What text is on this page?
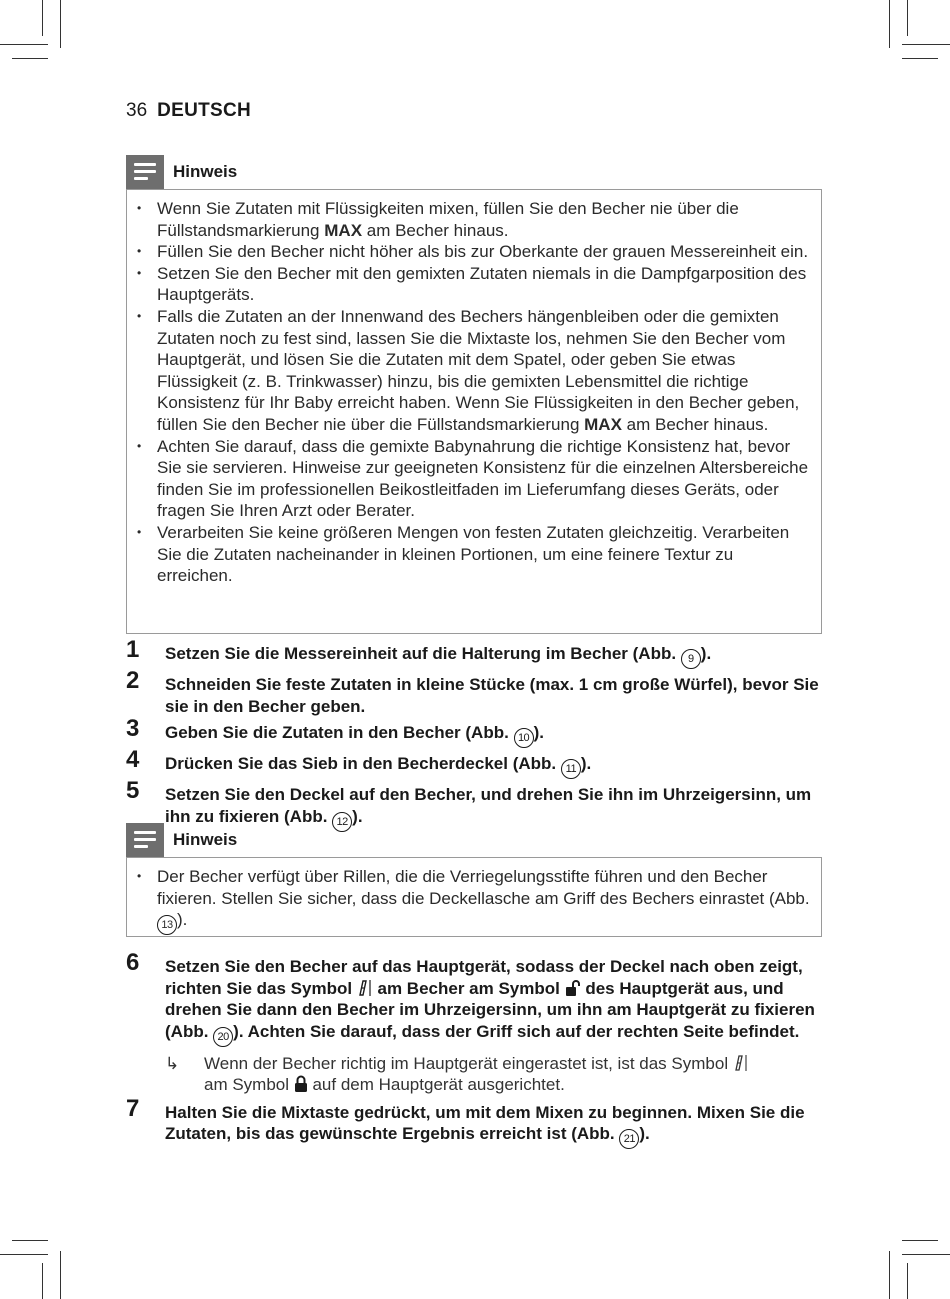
36 DEUTSCH
Hinweis
• Wenn Sie Zutaten mit Flüssigkeiten mixen, füllen Sie den Becher nie über die Füllstandsmarkierung MAX am Becher hinaus.
• Füllen Sie den Becher nicht höher als bis zur Oberkante der grauen Messereinheit ein.
• Setzen Sie den Becher mit den gemixten Zutaten niemals in die Dampfgarposition des Hauptgeräts.
• Falls die Zutaten an der Innenwand des Bechers hängenbleiben oder die gemixten Zutaten noch zu fest sind, lassen Sie die Mixtaste los, nehmen Sie den Becher vom Hauptgerät, und lösen Sie die Zutaten mit dem Spatel, oder geben Sie etwas Flüssigkeit (z. B. Trinkwasser) hinzu, bis die gemixten Lebensmittel die richtige Konsistenz für Ihr Baby erreicht haben. Wenn Sie Flüssigkeiten in den Becher geben, füllen Sie den Becher nie über die Füllstandsmarkierung MAX am Becher hinaus.
• Achten Sie darauf, dass die gemixte Babynahrung die richtige Konsistenz hat, bevor Sie sie servieren. Hinweise zur geeigneten Konsistenz für die einzelnen Altersbereiche finden Sie im professionellen Beikostleitfaden im Lieferumfang dieses Geräts, oder fragen Sie Ihren Arzt oder Berater.
• Verarbeiten Sie keine größeren Mengen von festen Zutaten gleichzeitig. Verarbeiten Sie die Zutaten nacheinander in kleinen Portionen, um eine feinere Textur zu erreichen.
1 Setzen Sie die Messereinheit auf die Halterung im Becher (Abb. 9 ).
2 Schneiden Sie feste Zutaten in kleine Stücke (max. 1 cm große Würfel), bevor Sie sie in den Becher geben.
3 Geben Sie die Zutaten in den Becher (Abb. 10 ).
4 Drücken Sie das Sieb in den Becherdeckel (Abb. 11 ).
5 Setzen Sie den Deckel auf den Becher, und drehen Sie ihn im Uhrzeigersinn, um ihn zu fixieren (Abb. 12 ).
Hinweis
• Der Becher verfügt über Rillen, die die Verriegelungsstifte führen und den Becher fixieren. Stellen Sie sicher, dass die Deckellasche am Griff des Bechers einrastet (Abb. 13 ).
6 Setzen Sie den Becher auf das Hauptgerät, sodass der Deckel nach oben zeigt, richten Sie das Symbol  am Becher am Symbol  des Hauptgerät aus, und drehen Sie dann den Becher im Uhrzeigersinn, um ihn am Hauptgerät zu fixieren (Abb. 20 ). Achten Sie darauf, dass der Griff sich auf der rechten Seite befindet.
↳ Wenn der Becher richtig im Hauptgerät eingerastet ist, ist das Symbol
am Symbol  auf dem Hauptgerät ausgerichtet.
7 Halten Sie die Mixtaste gedrückt, um mit dem Mixen zu beginnen. Mixen Sie die Zutaten, bis das gewünschte Ergebnis erreicht ist (Abb. 21 ).
